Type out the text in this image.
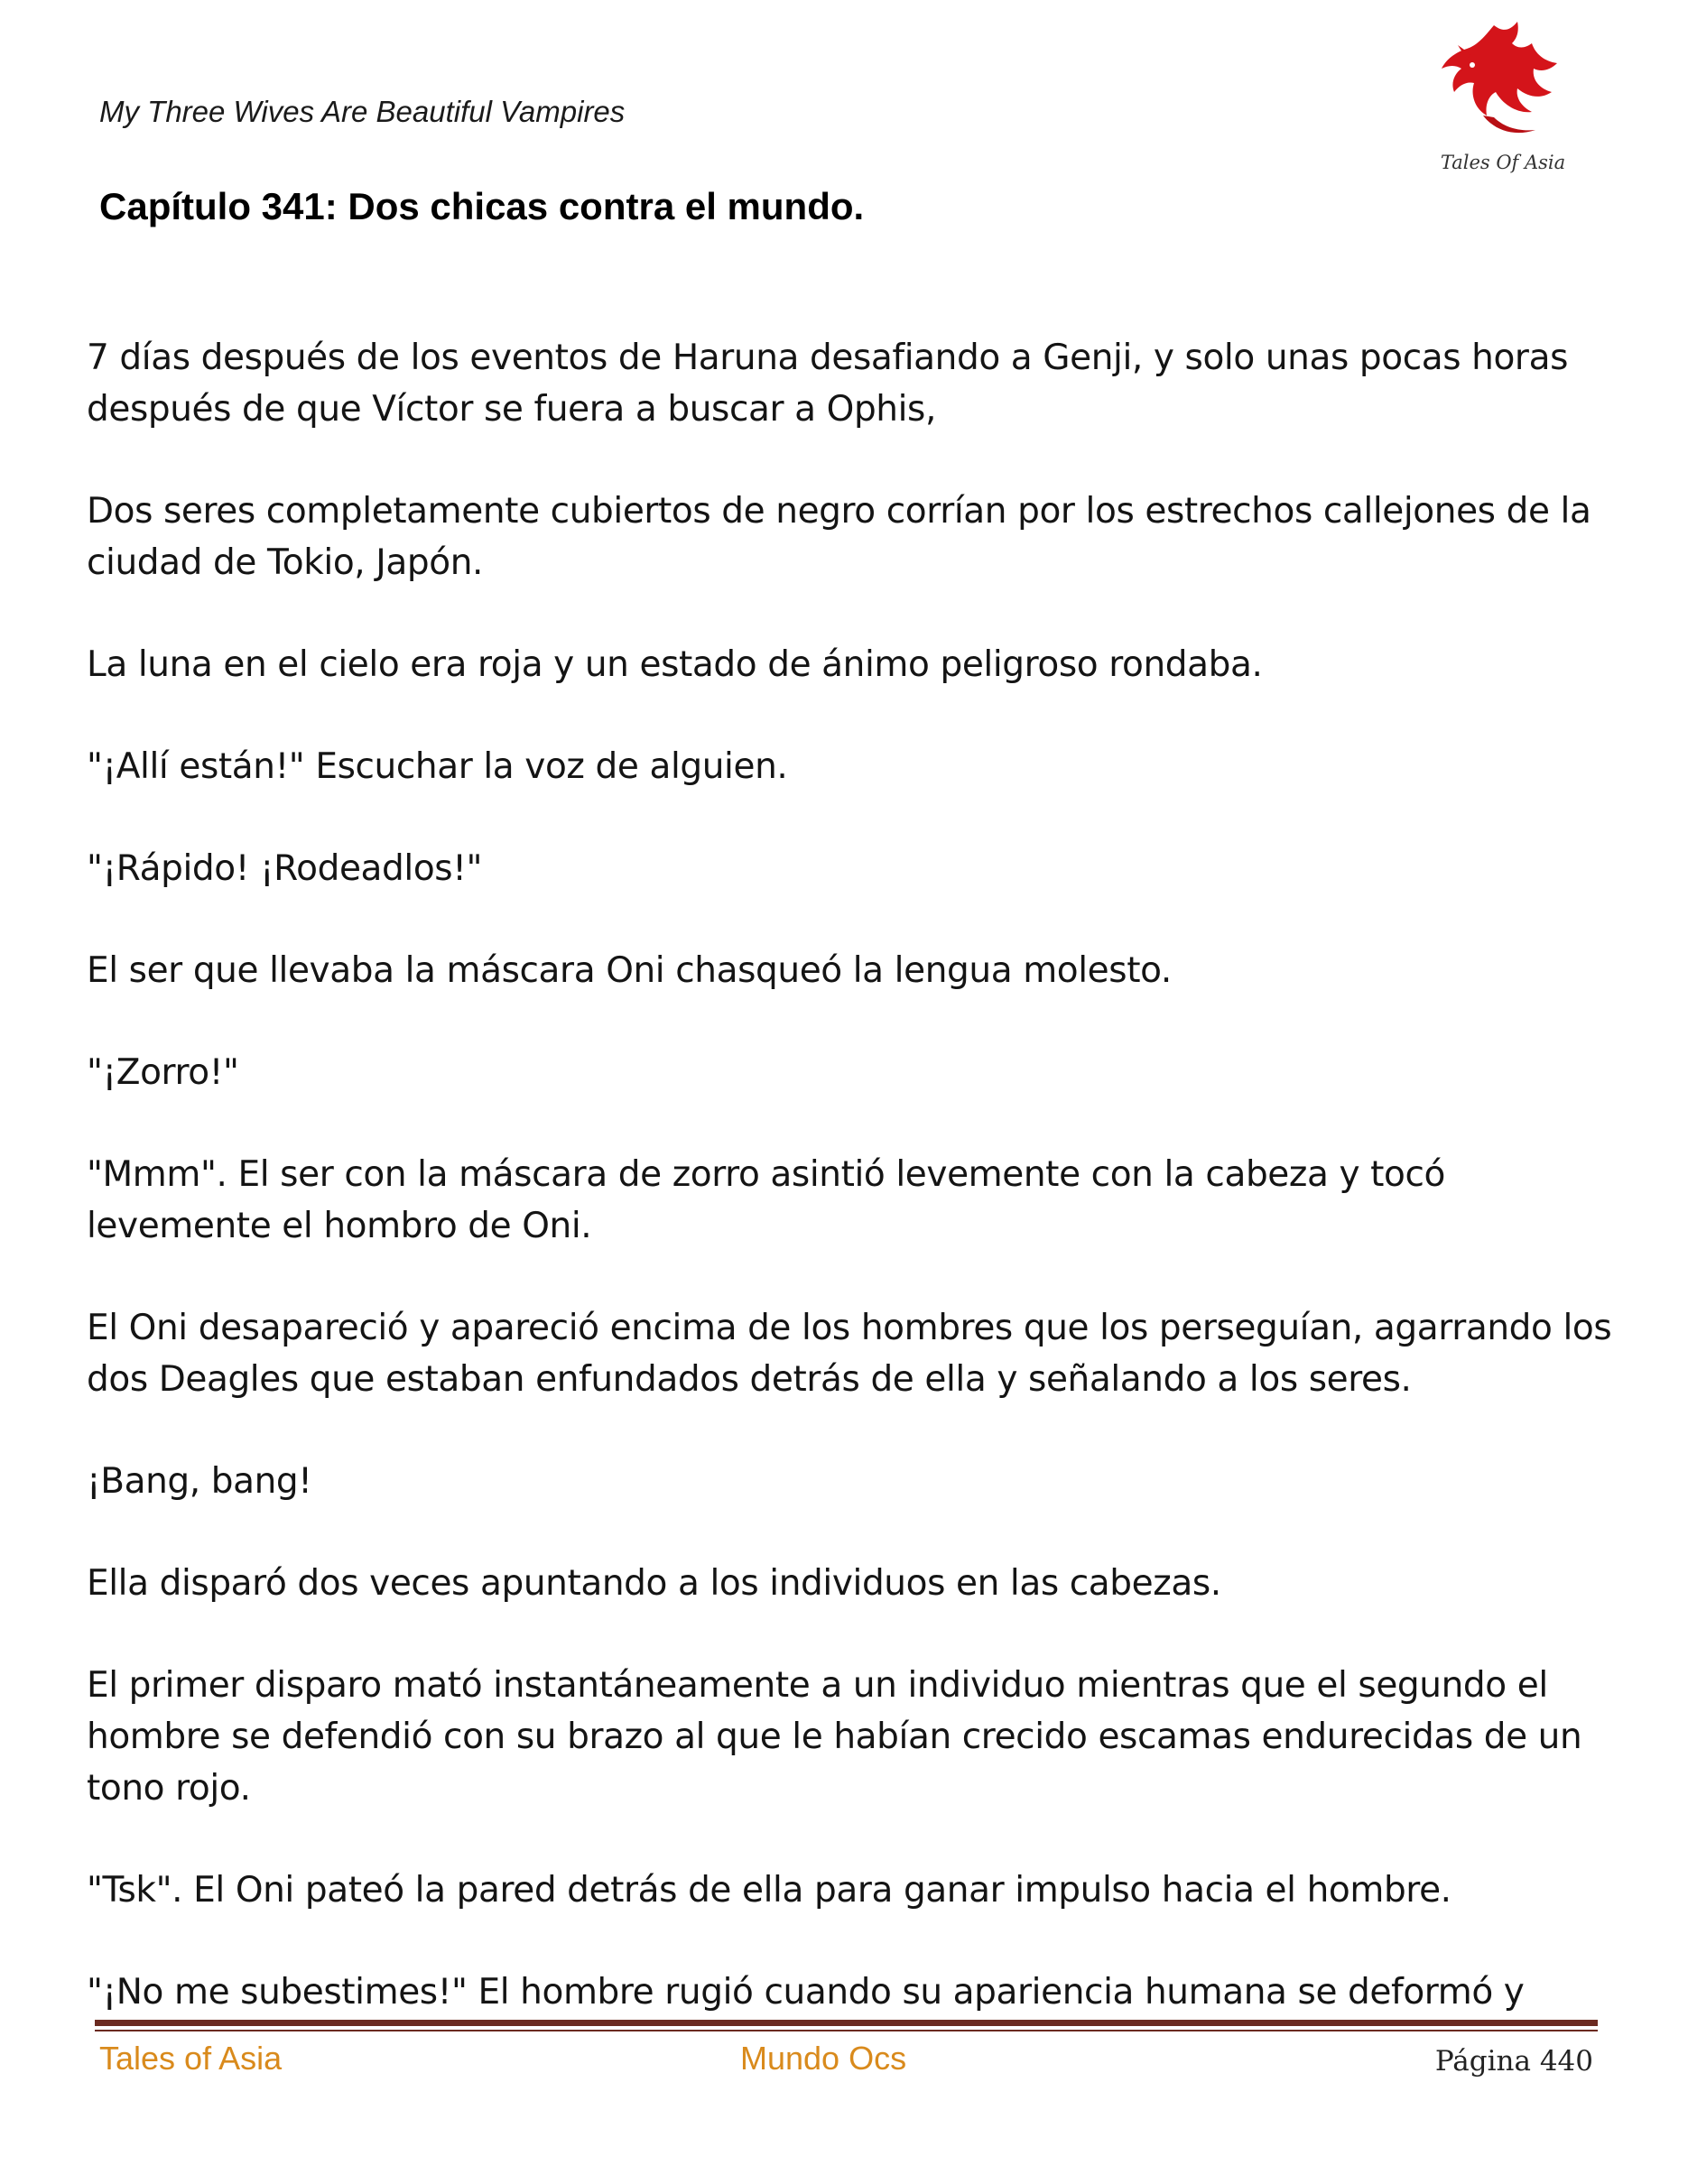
My Three Wives Are Beautiful Vampires
Capítulo 341: Dos chicas contra el mundo.
Tales Of Asia

7 días después de los eventos de Haruna desafiando a Genji, y solo unas pocas horas después de que Víctor se fuera a buscar a Ophis,

Dos seres completamente cubiertos de negro corrían por los estrechos callejones de la ciudad de Tokio, Japón.

La luna en el cielo era roja y un estado de ánimo peligroso rondaba.

"¡Allí están!" Escuchar la voz de alguien.

"¡Rápido! ¡Rodeadlos!"

El ser que llevaba la máscara Oni chasqueó la lengua molesto.

"¡Zorro!"

"Mmm". El ser con la máscara de zorro asintió levemente con la cabeza y tocó levemente el hombro de Oni.

El Oni desapareció y apareció encima de los hombres que los perseguían, agarrando los dos Deagles que estaban enfundados detrás de ella y señalando a los seres.

¡Bang, bang!

Ella disparó dos veces apuntando a los individuos en las cabezas.

El primer disparo mató instantáneamente a un individuo mientras que el segundo el hombre se defendió con su brazo al que le habían crecido escamas endurecidas de un tono rojo.

"Tsk". El Oni pateó la pared detrás de ella para ganar impulso hacia el hombre.

"¡No me subestimes!" El hombre rugió cuando su apariencia humana se deformó y

Tales of Asia	Mundo Ocs	Página 440
